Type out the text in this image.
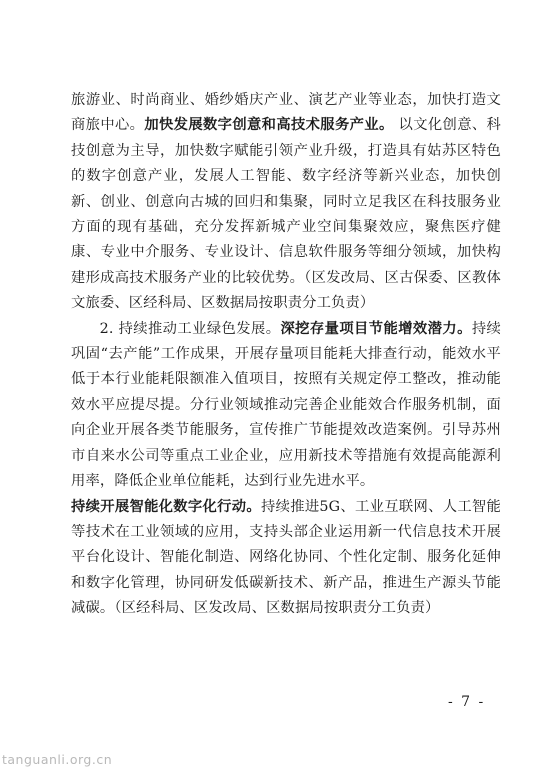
旅游业、时尚商业、婚纱婚庆产业、演艺产业等业态，加快打造文商旅中心。加快发展数字创意和高技术服务产业。 以文化创意、科技创意为主导，加快数字赋能引领产业升级，打造具有姑苏区特色的数字创意产业，发展人工智能、数字经济等新兴业态，加快创新、创业、创意向古城的回归和集聚，同时立足我区在科技服务业方面的现有基础，充分发挥新城产业空间集聚效应，聚焦医疗健康、专业中介服务、专业设计、信息软件服务等细分领域，加快构建形成高技术服务产业的比较优势。（区发改局、区古保委、区教体文旅委、区经科局、区数据局按职责分工负责）

2. 持续推动工业绿色发展。深挖存量项目节能增效潜力。持续巩固“去产能”工作成果，开展存量项目能耗大排查行动，能效水平低于本行业能耗限额准入值项目，按照有关规定停工整改，推动能效水平应提尽提。分行业领域推动完善企业能效合作服务机制，面向企业开展各类节能服务，宣传推广节能提效改造案例。引导苏州市自来水公司等重点工业企业，应用新技术等措施有效提高能源利用率，降低企业单位能耗，达到行业先进水平。
持续开展智能化数字化行动。持续推进5G、工业互联网、人工智能等技术在工业领域的应用，支持头部企业运用新一代信息技术开展平台化设计、智能化制造、网络化协同、个性化定制、服务化延伸和数字化管理，协同研发低碳新技术、新产品，推进生产源头节能减碳。（区经科局、区发改局、区数据局按职责分工负责）

- 7 -
tanguanli.org.cn
